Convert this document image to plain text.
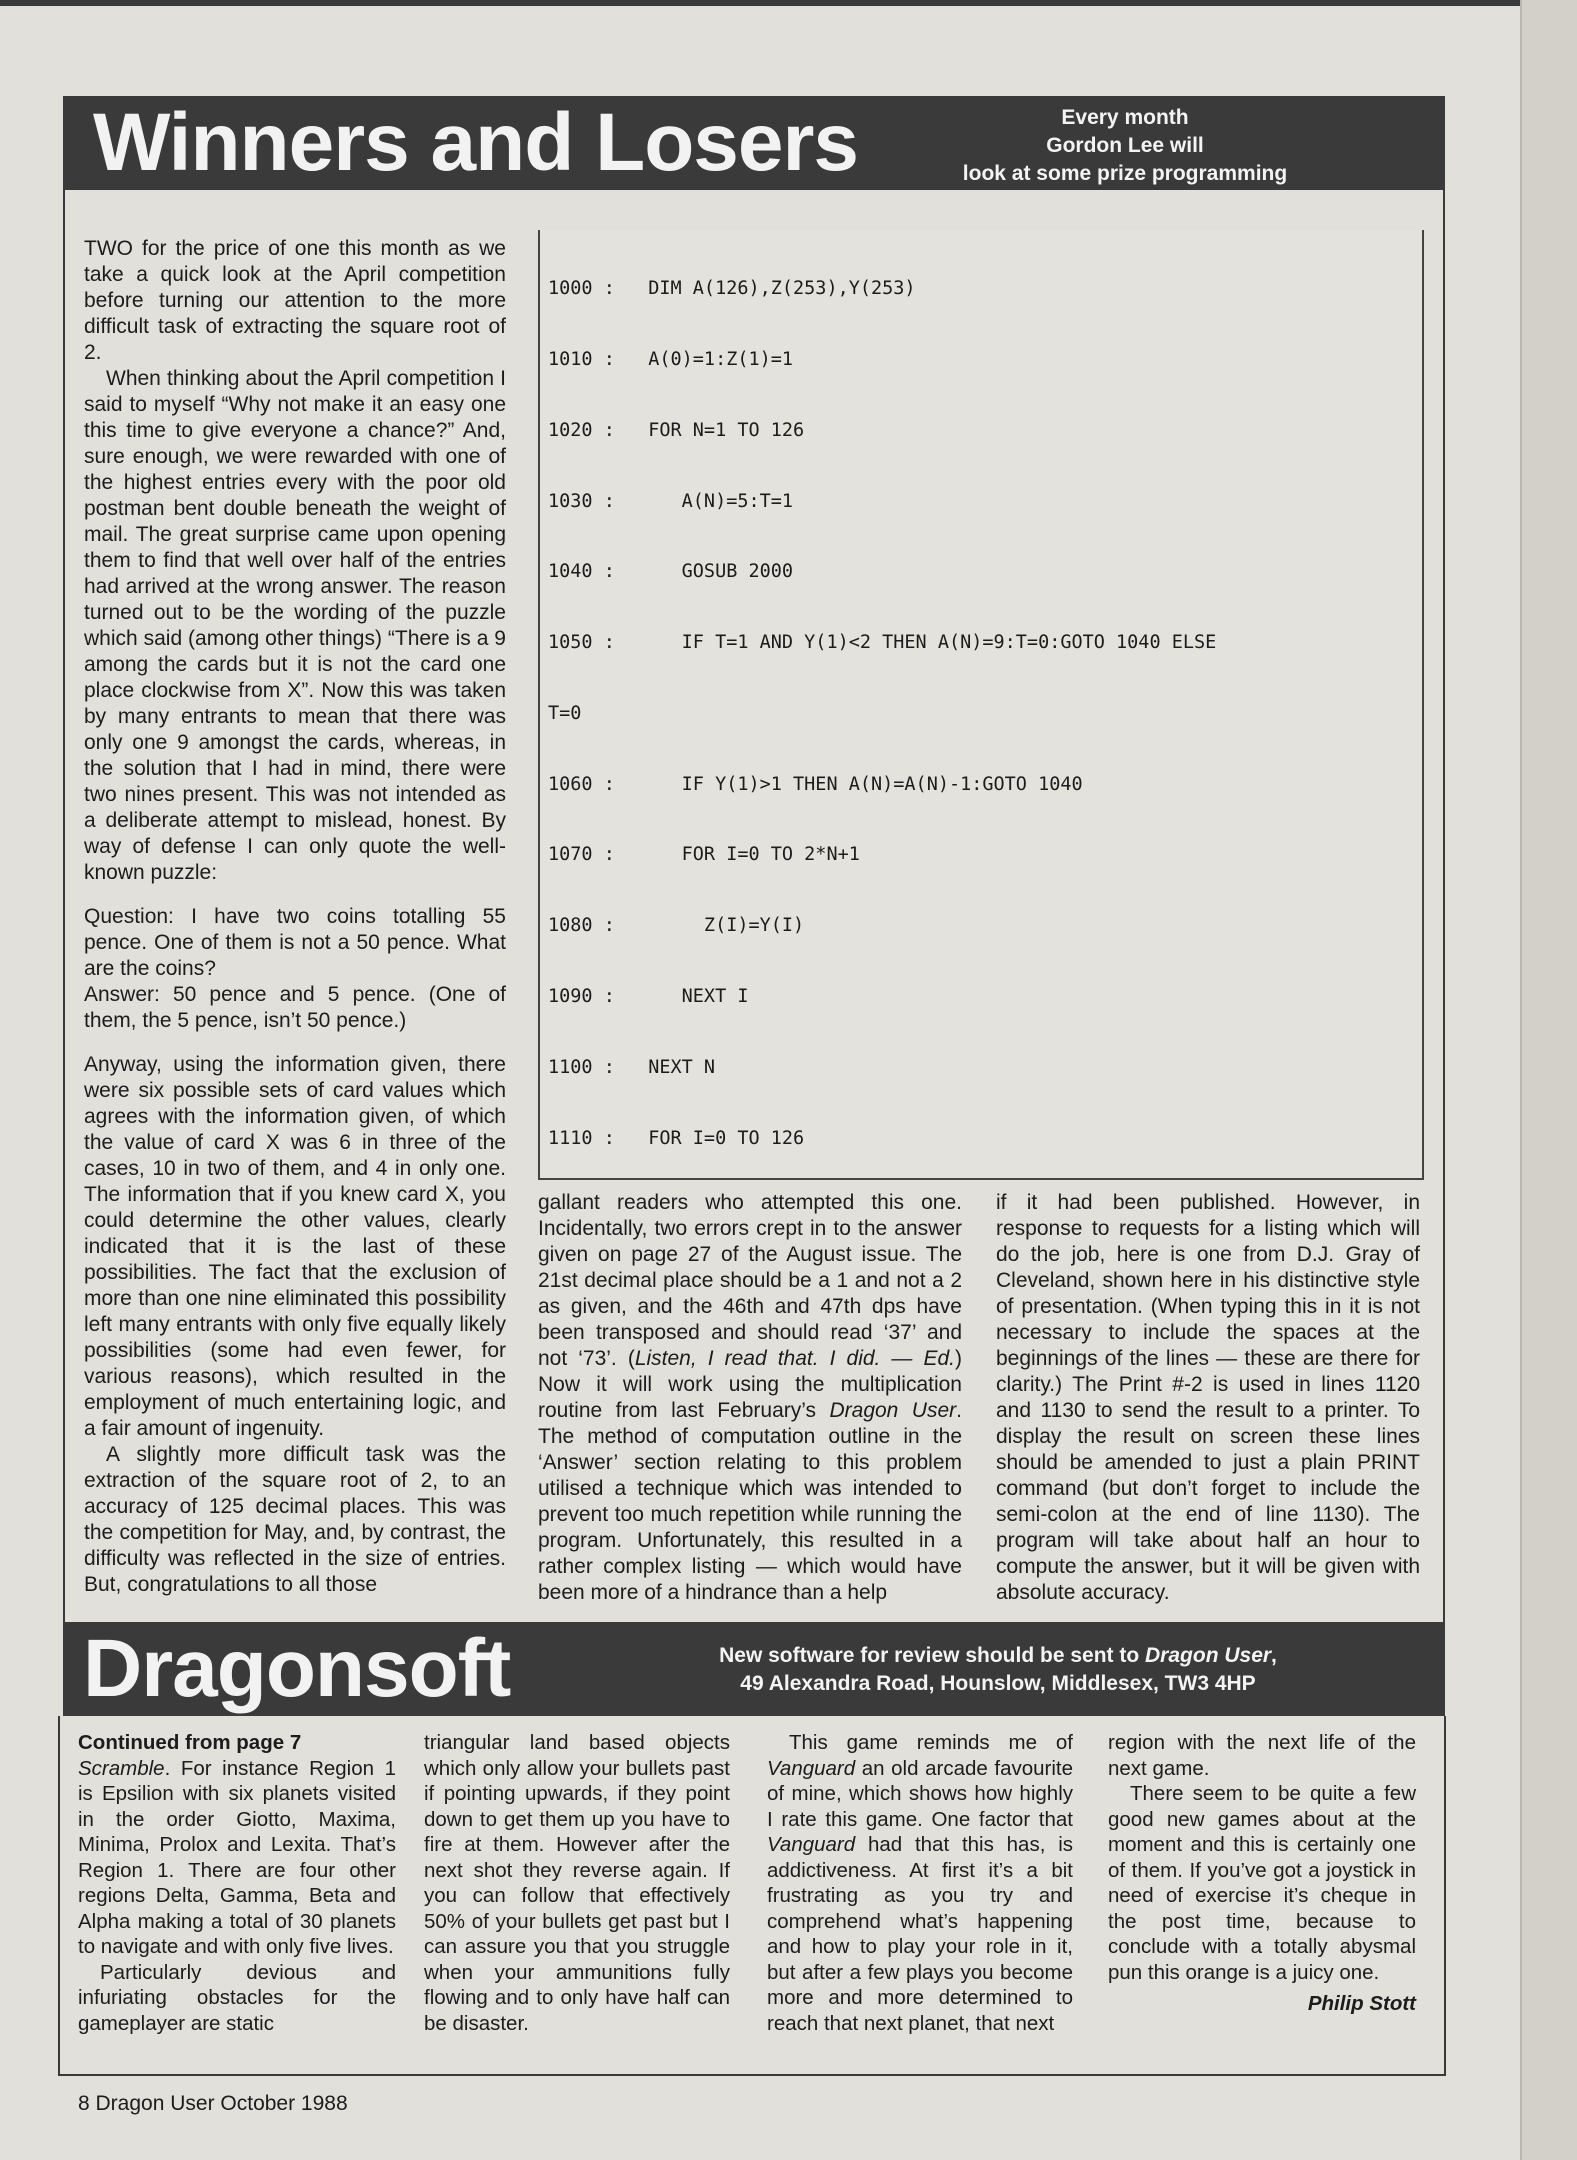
Winners and Losers	Every month
Gordon Lee will
look at some prize programming

TWO for the price of one this month as we take a quick look at the April competition before turning our attention to the more difficult task of extracting the square root of 2.

When thinking about the April competition I said to myself “Why not make it an easy one this time to give everyone a chance?” And, sure enough, we were rewarded with one of the highest entries every with the poor old postman bent double beneath the weight of mail. The great surprise came upon opening them to find that well over half of the entries had arrived at the wrong answer. The reason turned out to be the wording of the puzzle which said (among other things) “There is a 9 among the cards but it is not the card one place clockwise from X”. Now this was taken by many entrants to mean that there was only one 9 amongst the cards, whereas, in the solution that I had in mind, there were two nines present. This was not intended as a deliberate attempt to mislead, honest. By way of defense I can only quote the well-known puzzle:

Question: I have two coins totalling 55 pence. One of them is not a 50 pence. What are the coins?

Answer: 50 pence and 5 pence. (One of them, the 5 pence, isn’t 50 pence.)

Anyway, using the information given, there were six possible sets of card values which agrees with the information given, of which the value of card X was 6 in three of the cases, 10 in two of them, and 4 in only one. The information that if you knew card X, you could determine the other values, clearly indicated that it is the last of these possibilities. The fact that the exclusion of more than one nine eliminated this possibility left many entrants with only five equally likely possibilities (some had even fewer, for various reasons), which resulted in the employment of much entertaining logic, and a fair amount of ingenuity.

A slightly more difficult task was the extraction of the square root of 2, to an accuracy of 125 decimal places. This was the competition for May, and, by contrast, the difficulty was reflected in the size of entries. But, congratulations to all those

1000 :   DIM A(126),Z(253),Y(253)

1010 :   A(0)=1:Z(1)=1

1020 :   FOR N=1 TO 126

1030 :      A(N)=5:T=1

1040 :      GOSUB 2000

1050 :      IF T=1 AND Y(1)<2 THEN A(N)=9:T=0:GOTO 1040 ELSE

T=0

1060 :      IF Y(1)>1 THEN A(N)=A(N)-1:GOTO 1040

1070 :      FOR I=0 TO 2*N+1

1080 :        Z(I)=Y(I)

1090 :      NEXT I

1100 :   NEXT N

1110 :   FOR I=0 TO 126

gallant readers who attempted this one. Incidentally, two errors crept in to the answer given on page 27 of the August issue. The 21st decimal place should be a 1 and not a 2 as given, and the 46th and 47th dps have been transposed and should read ‘37’ and not ‘73’. (Listen, I read that. I did. — Ed.) Now it will work using the multiplication routine from last February’s Dragon User. The method of computation outline in the ‘Answer’ section relating to this problem utilised a technique which was intended to prevent too much repetition while running the program. Unfortunately, this resulted in a rather complex listing — which would have been more of a hindrance than a help

if it had been published. However, in response to requests for a listing which will do the job, here is one from D.J. Gray of Cleveland, shown here in his distinctive style of presentation. (When typing this in it is not necessary to include the spaces at the beginnings of the lines — these are there for clarity.) The Print #-2 is used in lines 1120 and 1130 to send the result to a printer. To display the result on screen these lines should be amended to just a plain PRINT command (but don’t forget to include the semi-colon at the end of line 1130). The program will take about half an hour to compute the answer, but it will be given with absolute accuracy.

Dragonsoft	New software for review should be sent to Dragon User,
49 Alexandra Road, Hounslow, Middlesex, TW3 4HP

Continued from page 7

Scramble. For instance Region 1 is Epsilion with six planets visited in the order Giotto, Maxima, Minima, Prolox and Lexita. That’s Region 1. There are four other regions Delta, Gamma, Beta and Alpha making a total of 30 planets to navigate and with only five lives.

Particularly devious and infuriating obstacles for the gameplayer are static

triangular land based objects which only allow your bullets past if pointing upwards, if they point down to get them up you have to fire at them. However after the next shot they reverse again. If you can follow that effectively 50% of your bullets get past but I can assure you that you struggle when your ammunitions fully flowing and to only have half can be disaster.

This game reminds me of Vanguard an old arcade favourite of mine, which shows how highly I rate this game. One factor that Vanguard had that this has, is addictiveness. At first it’s a bit frustrating as you try and comprehend what’s happening and how to play your role in it, but after a few plays you become more and more determined to reach that next planet, that next

region with the next life of the next game.

There seem to be quite a few good new games about at the moment and this is certainly one of them. If you’ve got a joystick in need of exercise it’s cheque in the post time, because to conclude with a totally abysmal pun this orange is a juicy one.

Philip Stott

8 Dragon User October 1988
